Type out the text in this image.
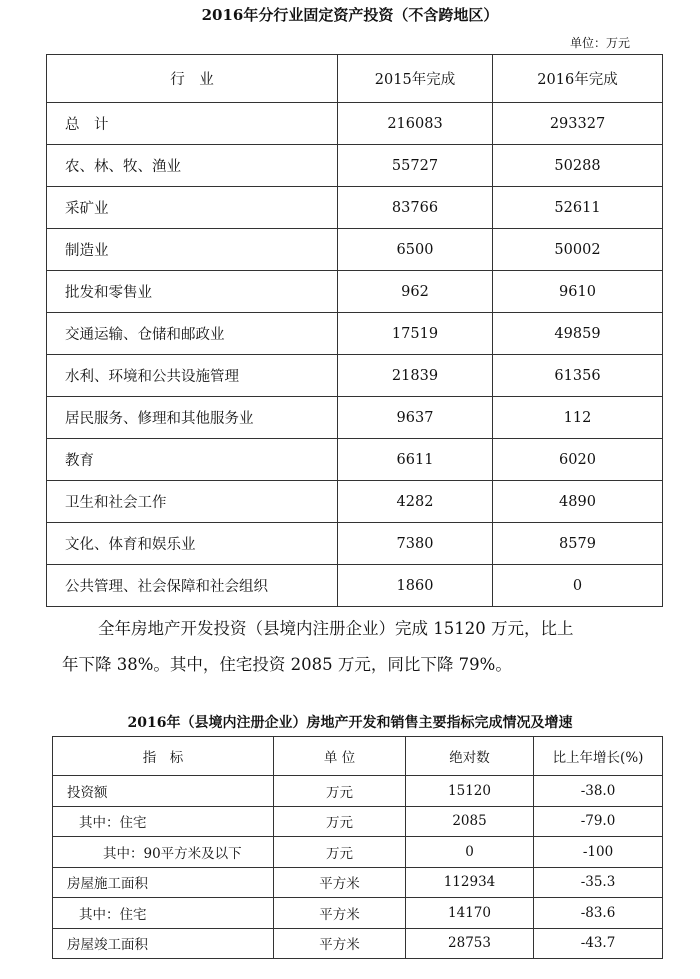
2016年分行业固定资产投资（不含跨地区）
单位：万元
行　业	2015年完成	2016年完成
总　计	216083	293327
农、林、牧、渔业	55727	50288
采矿业	83766	52611
制造业	6500	50002
批发和零售业	962	9610
交通运输、仓储和邮政业	17519	49859
水利、环境和公共设施管理	21839	61356
居民服务、修理和其他服务业	9637	112
教育	6611	6020
卫生和社会工作	4282	4890
文化、体育和娱乐业	7380	8579
公共管理、社会保障和社会组织	1860	0
全年房地产开发投资（县境内注册企业）完成 15120 万元，比上
年下降 38%。其中，住宅投资 2085 万元，同比下降 79%。
2016年（县境内注册企业）房地产开发和销售主要指标完成情况及增速
指　标	单 位	绝对数	比上年增长(%)
投资额	万元	15120	-38.0
其中：住宅	万元	2085	-79.0
其中：90平方米及以下	万元	0	-100
房屋施工面积	平方米	112934	-35.3
其中：住宅	平方米	14170	-83.6
房屋竣工面积	平方米	28753	-43.7
